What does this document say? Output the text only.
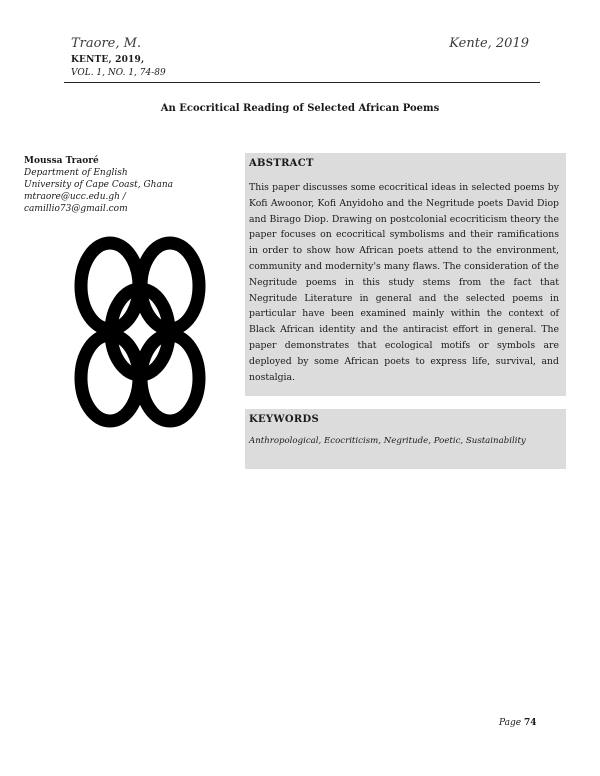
Traore, M.	Kente, 2019
KENTE, 2019,
VOL. 1, NO. 1, 74-89
An Ecocritical Reading of Selected African Poems
Moussa Traoré
Department of English
University of Cape Coast, Ghana
mtraore@ucc.edu.gh /
camillio73@gmail.com
ABSTRACT
This paper discusses some ecocritical ideas in selected poems by Kofi Awoonor, Kofi Anyidoho and the Negritude poets David Diop and Birago Diop. Drawing on postcolonial ecocriticism theory the paper focuses on ecocritical symbolisms and their ramifications in order to show how African poets attend to the environment, community and modernity's many flaws. The consideration of the Negritude poems in this study stems from the fact that Negritude Literature in general and the selected poems in particular have been examined mainly within the context of Black African identity and the antiracist effort in general. The paper demonstrates that ecological motifs or symbols are deployed by some African poets to express life, survival, and nostalgia.
KEYWORDS
Anthropological, Ecocriticism, Negritude, Poetic, Sustainability
Page 74
